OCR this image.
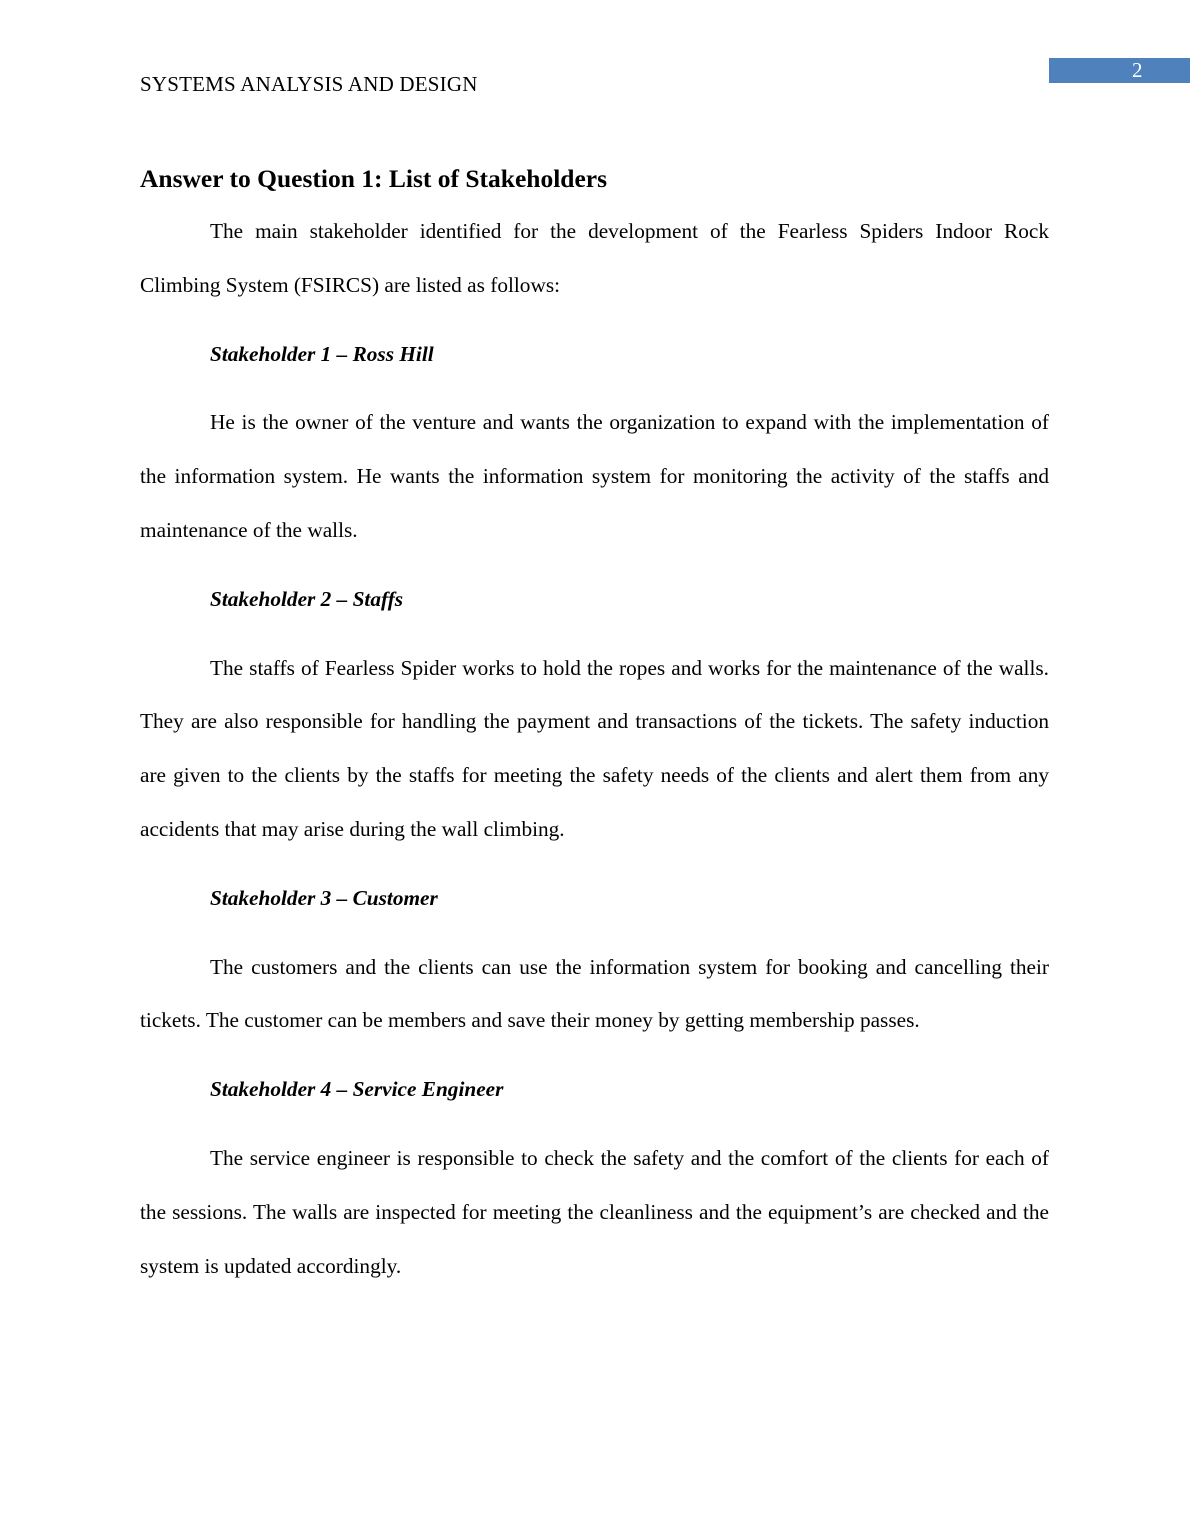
2
SYSTEMS ANALYSIS AND DESIGN
Answer to Question 1: List of Stakeholders

The main stakeholder identified for the development of the Fearless Spiders Indoor Rock Climbing System (FSIRCS) are listed as follows:

Stakeholder 1 – Ross Hill

He is the owner of the venture and wants the organization to expand with the implementation of the information system. He wants the information system for monitoring the activity of the staffs and maintenance of the walls.

Stakeholder 2 – Staffs

The staffs of Fearless Spider works to hold the ropes and works for the maintenance of the walls. They are also responsible for handling the payment and transactions of the tickets. The safety induction are given to the clients by the staffs for meeting the safety needs of the clients and alert them from any accidents that may arise during the wall climbing.

Stakeholder 3 – Customer

The customers and the clients can use the information system for booking and cancelling their tickets. The customer can be members and save their money by getting membership passes.

Stakeholder 4 – Service Engineer

The service engineer is responsible to check the safety and the comfort of the clients for each of the sessions. The walls are inspected for meeting the cleanliness and the equipment’s are checked and the system is updated accordingly.
